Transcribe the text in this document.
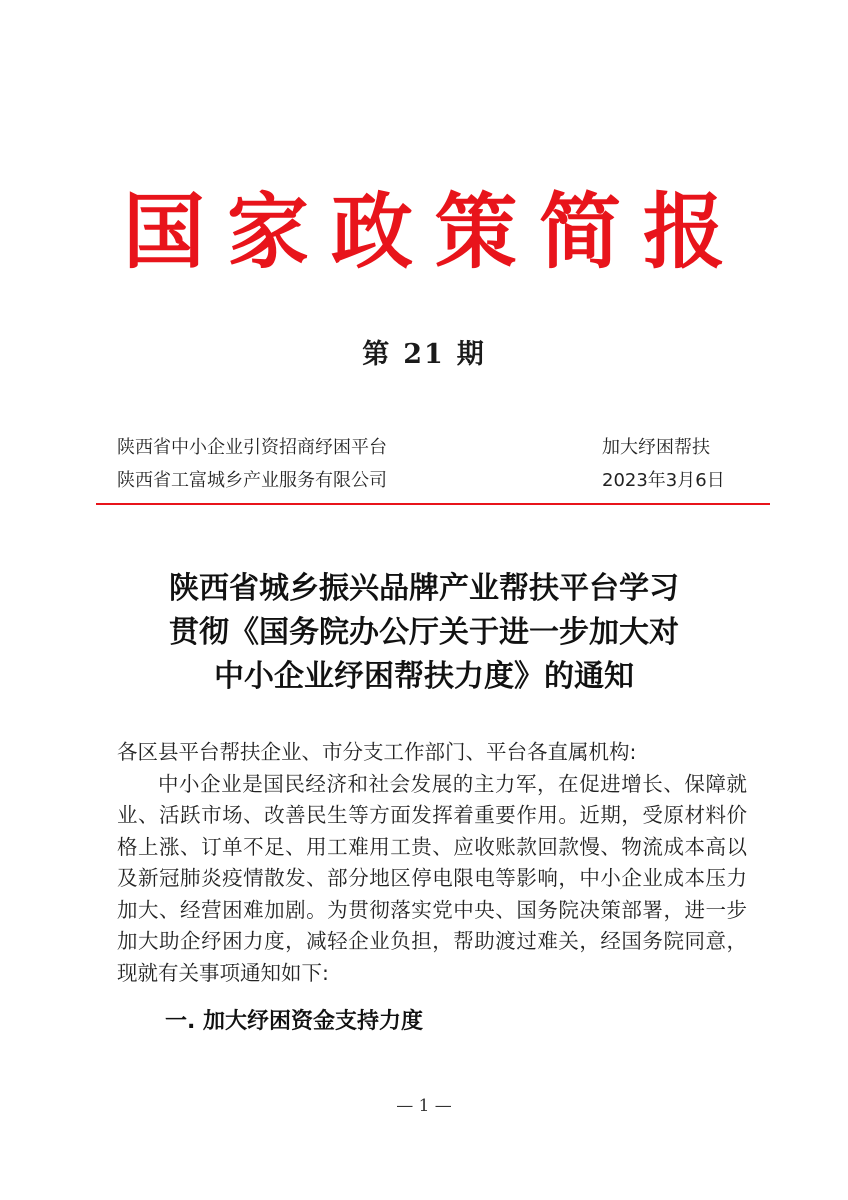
国家政策简报
第 21 期
陕西省中小企业引资招商纾困平台	加大纾困帮扶
陕西省工富城乡产业服务有限公司	2023年3月6日
陕西省城乡振兴品牌产业帮扶平台学习
贯彻《国务院办公厅关于进一步加大对
中小企业纾困帮扶力度》的通知
各区县平台帮扶企业、市分支工作部门、平台各直属机构:
中小企业是国民经济和社会发展的主力军，在促进增长、保障就业、活跃市场、改善民生等方面发挥着重要作用。近期，受原材料价格上涨、订单不足、用工难用工贵、应收账款回款慢、物流成本高以及新冠肺炎疫情散发、部分地区停电限电等影响，中小企业成本压力加大、经营困难加剧。为贯彻落实党中央、国务院决策部署，进一步加大助企纾困力度，减轻企业负担，帮助渡过难关，经国务院同意，现就有关事项通知如下:
一. 加大纾困资金支持力度
— 1 —
